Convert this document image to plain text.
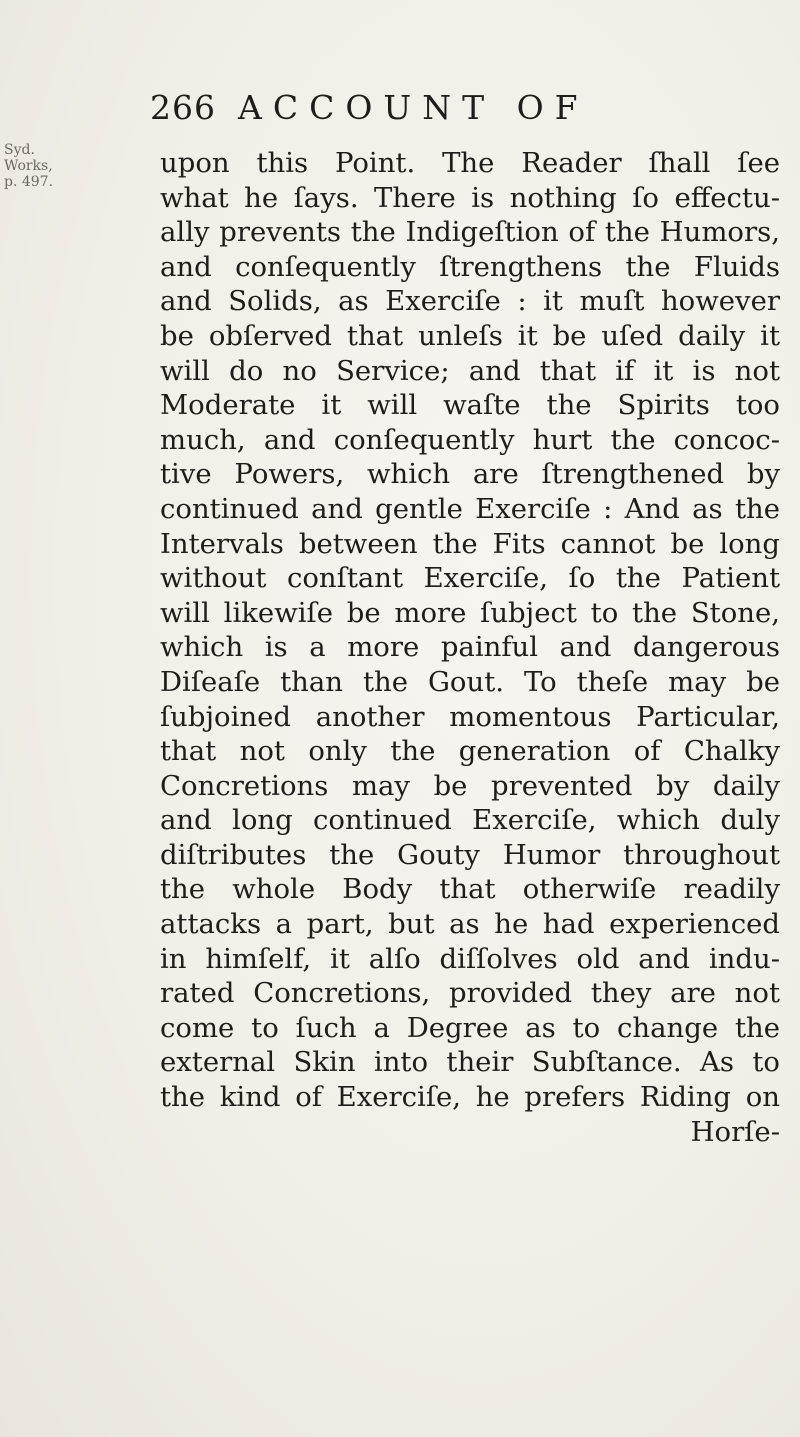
266 ACCOUNT OF
Syd.
Works,
p. 497.
upon this Point. The Reader ſhall ſee
what he ſays. There is nothing ſo effectu-
ally prevents the Indigeſtion of the Humors,
and conſequently ſtrengthens the Fluids
and Solids, as Exerciſe : it muſt however
be obſerved that unleſs it be uſed daily it
will do no Service; and that if it is not
Moderate it will waſte the Spirits too
much, and conſequently hurt the concoc-
tive Powers, which are ſtrengthened by
continued and gentle Exerciſe : And as the
Intervals between the Fits cannot be long
without conſtant Exerciſe, ſo the Patient
will likewiſe be more ſubject to the Stone,
which is a more painful and dangerous
Diſeaſe than the Gout. To theſe may be
ſubjoined another momentous Particular,
that not only the generation of Chalky
Concretions may be prevented by daily
and long continued Exerciſe, which duly
diſtributes the Gouty Humor throughout
the whole Body that otherwiſe readily
attacks a part, but as he had experienced
in himſelf, it alſo diſſolves old and indu-
rated Concretions, provided they are not
come to ſuch a Degree as to change the
external Skin into their Subſtance. As to
the kind of Exerciſe, he prefers Riding on
Horſe-
